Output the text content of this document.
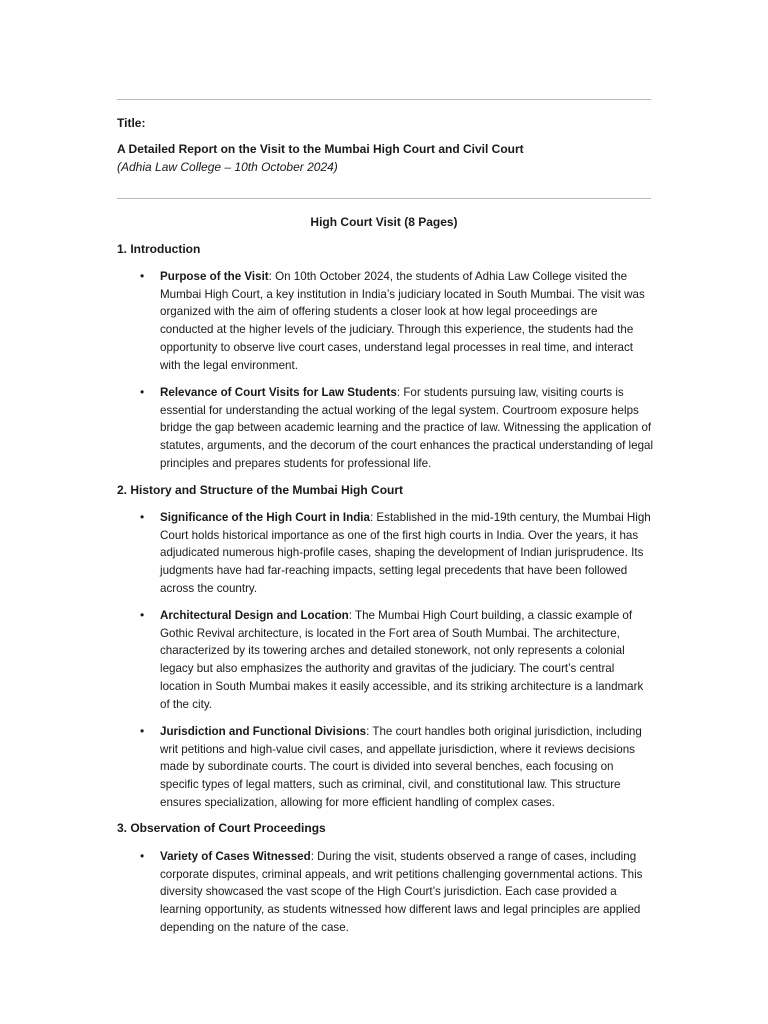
Title:
A Detailed Report on the Visit to the Mumbai High Court and Civil Court
(Adhia Law College – 10th October 2024)
High Court Visit (8 Pages)
1. Introduction
• Purpose of the Visit: On 10th October 2024, the students of Adhia Law College visited the Mumbai High Court, a key institution in India’s judiciary located in South Mumbai. The visit was organized with the aim of offering students a closer look at how legal proceedings are conducted at the higher levels of the judiciary. Through this experience, the students had the opportunity to observe live court cases, understand legal processes in real time, and interact with the legal environment.

• Relevance of Court Visits for Law Students: For students pursuing law, visiting courts is essential for understanding the actual working of the legal system. Courtroom exposure helps bridge the gap between academic learning and the practice of law. Witnessing the application of statutes, arguments, and the decorum of the court enhances the practical understanding of legal principles and prepares students for professional life.

2. History and Structure of the Mumbai High Court
• Significance of the High Court in India: Established in the mid-19th century, the Mumbai High Court holds historical importance as one of the first high courts in India. Over the years, it has adjudicated numerous high-profile cases, shaping the development of Indian jurisprudence. Its judgments have had far-reaching impacts, setting legal precedents that have been followed across the country.

• Architectural Design and Location: The Mumbai High Court building, a classic example of Gothic Revival architecture, is located in the Fort area of South Mumbai. The architecture, characterized by its towering arches and detailed stonework, not only represents a colonial legacy but also emphasizes the authority and gravitas of the judiciary. The court’s central location in South Mumbai makes it easily accessible, and its striking architecture is a landmark of the city.

• Jurisdiction and Functional Divisions: The court handles both original jurisdiction, including writ petitions and high-value civil cases, and appellate jurisdiction, where it reviews decisions made by subordinate courts. The court is divided into several benches, each focusing on specific types of legal matters, such as criminal, civil, and constitutional law. This structure ensures specialization, allowing for more efficient handling of complex cases.

3. Observation of Court Proceedings
• Variety of Cases Witnessed: During the visit, students observed a range of cases, including corporate disputes, criminal appeals, and writ petitions challenging governmental actions. This diversity showcased the vast scope of the High Court’s jurisdiction. Each case provided a learning opportunity, as students witnessed how different laws and legal principles are applied depending on the nature of the case.
